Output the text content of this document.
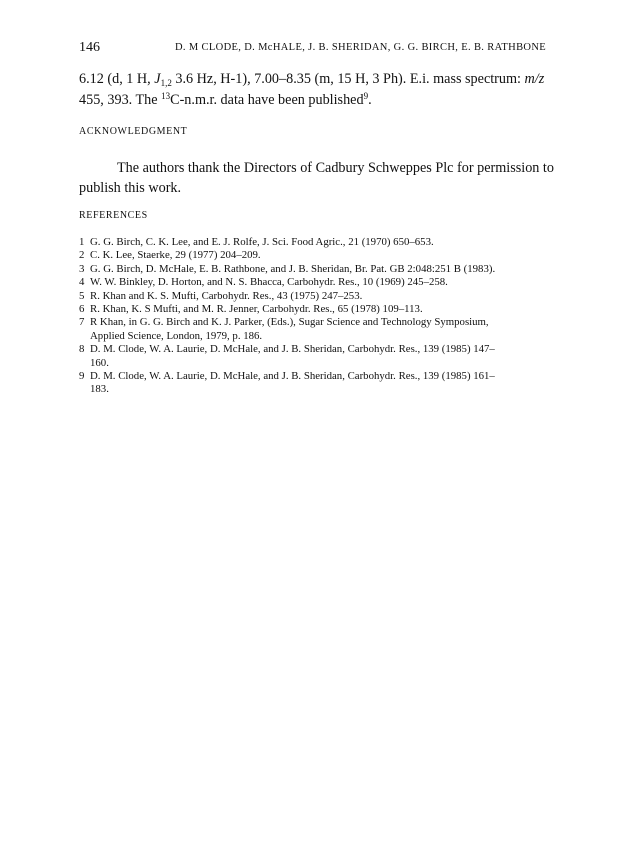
146	D. M CLODE, D. McHALE, J. B. SHERIDAN, G. G. BIRCH, E. B. RATHBONE
6.12 (d, 1 H, $J_{1,2}$ 3.6 Hz, H-1), 7.00–8.35 (m, 15 H, 3 Ph). E.i. mass spectrum: m/z
455, 393. The $^{13}$C-n.m.r. data have been published$^9$.
ACKNOWLEDGMENT
The authors thank the Directors of Cadbury Schweppes Plc for permission to
publish this work.
REFERENCES
1 G. G. Birch, C. K. Lee, and E. J. Rolfe, J. Sci. Food Agric., 21 (1970) 650–653.
2 C. K. Lee, Staerke, 29 (1977) 204–209.
3 G. G. Birch, D. McHale, E. B. Rathbone, and J. B. Sheridan, Br. Pat. GB 2:048:251 B (1983).
4 W. W. Binkley, D. Horton, and N. S. Bhacca, Carbohydr. Res., 10 (1969) 245–258.
5 R. Khan and K. S. Mufti, Carbohydr. Res., 43 (1975) 247–253.
6 R. Khan, K. S Mufti, and M. R. Jenner, Carbohydr. Res., 65 (1978) 109–113.
7 R Khan, in G. G. Birch and K. J. Parker, (Eds.), Sugar Science and Technology Symposium,
Applied Science, London, 1979, p. 186.
8 D. M. Clode, W. A. Laurie, D. McHale, and J. B. Sheridan, Carbohydr. Res., 139 (1985) 147–
160.
9 D. M. Clode, W. A. Laurie, D. McHale, and J. B. Sheridan, Carbohydr. Res., 139 (1985) 161–
183.
